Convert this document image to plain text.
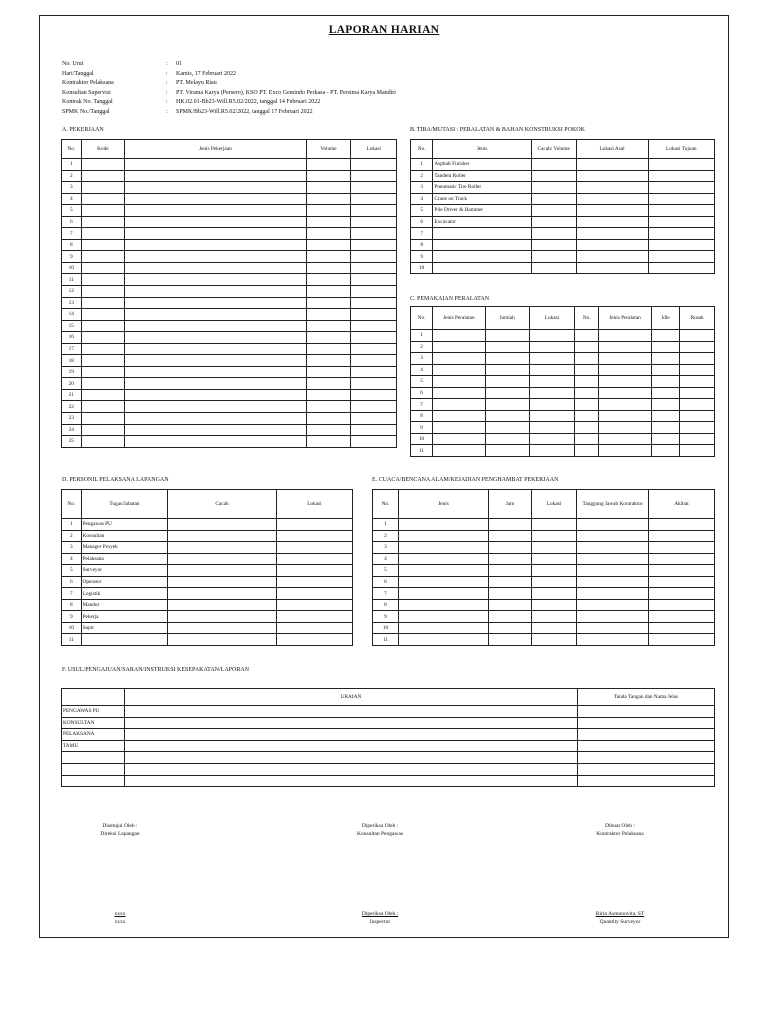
LAPORAN HARIAN
No. Urut	:	01
Hari/Tanggal	:	Kamis, 17 Februari 2022
Kontraktor Pelaksana	:	PT. Melayu Riau
Konsultan Supervisi	:	PT. Virama Karya (Persero), KSO PT. Exco Gemindo Perkasa - PT. Persima Karya Mandiri
Kontrak No. Tanggal	:	HK.02.01-Bb23-Will.R5.02/2022, tanggal 14 Februari 2022
SPMK No./Tanggal	:	SPMK/Bb23-Will.R5.02/2022, tanggal 17 Februari 2022
A. PEKERJAAN
No.	Kode	Jenis Pekerjaan	Volume	Lokasi
1				
2				
3				
4				
5				
6				
7				
8				
9				
10				
11				
12				
13				
14				
15				
16				
17				
18				
19				
20				
21				
22				
23				
24				
25				
B. TIBA/MUTASI : PERALATAN & BAHAN KONSTRUKSI POKOK
No.	Jenis	Cacah/ Volume	Lokasi Asal	Lokasi Tujuan
1	Asphalt Finisher			
2	Tandem Roller			
3	Pneumatic Tire Roller			
4	Crane on Track			
5	Pile Driver & Hammer			
6	Excavator			
7				
8				
9				
10				
C. PEMAKAIAN PERALATAN
No.	Jenis Peralatan	Jumlah	Lokasi	No.	Jenis Peralatan	Idle	Rusak
1							
2							
3							
4							
5							
6							
7							
8							
9							
10							
11							
D. PERSONIL PELAKSANA LAPANGAN
No.	Tugas/Jabatan	Cacah	Lokasi
1	Pengawas PU		
2	Konsultan		
3	Manager Proyek		
4	Pelaksana		
5	Surveyor		
6	Operator		
7	Logistik		
8	Mandor		
9	Pekerja		
10	Supir		
11			
E. CUACA/BENCANA ALAM/KEJADIAN PENGHAMBAT PEKERJAAN
No.	Jenis	Jam	Lokasi	Tanggung Jawab Kontraktor	Akibat
1					
2					
3					
4					
5					
6					
7					
8					
9					
10					
11					
F. USUL/PENGAJUAN/SARAN/INSTRUKSI KESEPAKATAN/LAPORAN
	URAIAN	Tanda Tangan dan Nama Jelas
PENGAWAS PU		
KONSULTAN		
PELAKSANA		
TAMU		

Disetujui Oleh :
Direksi Lapangan
Diperiksa Oleh :
Konsultan Pengawas
Dibuat Oleh :
Kontraktor Pelaksana
xxxx
xxxx
Diperiksa Oleh :
Inspector
Ririn Asmonovita, ST
Quantity Surveyor
